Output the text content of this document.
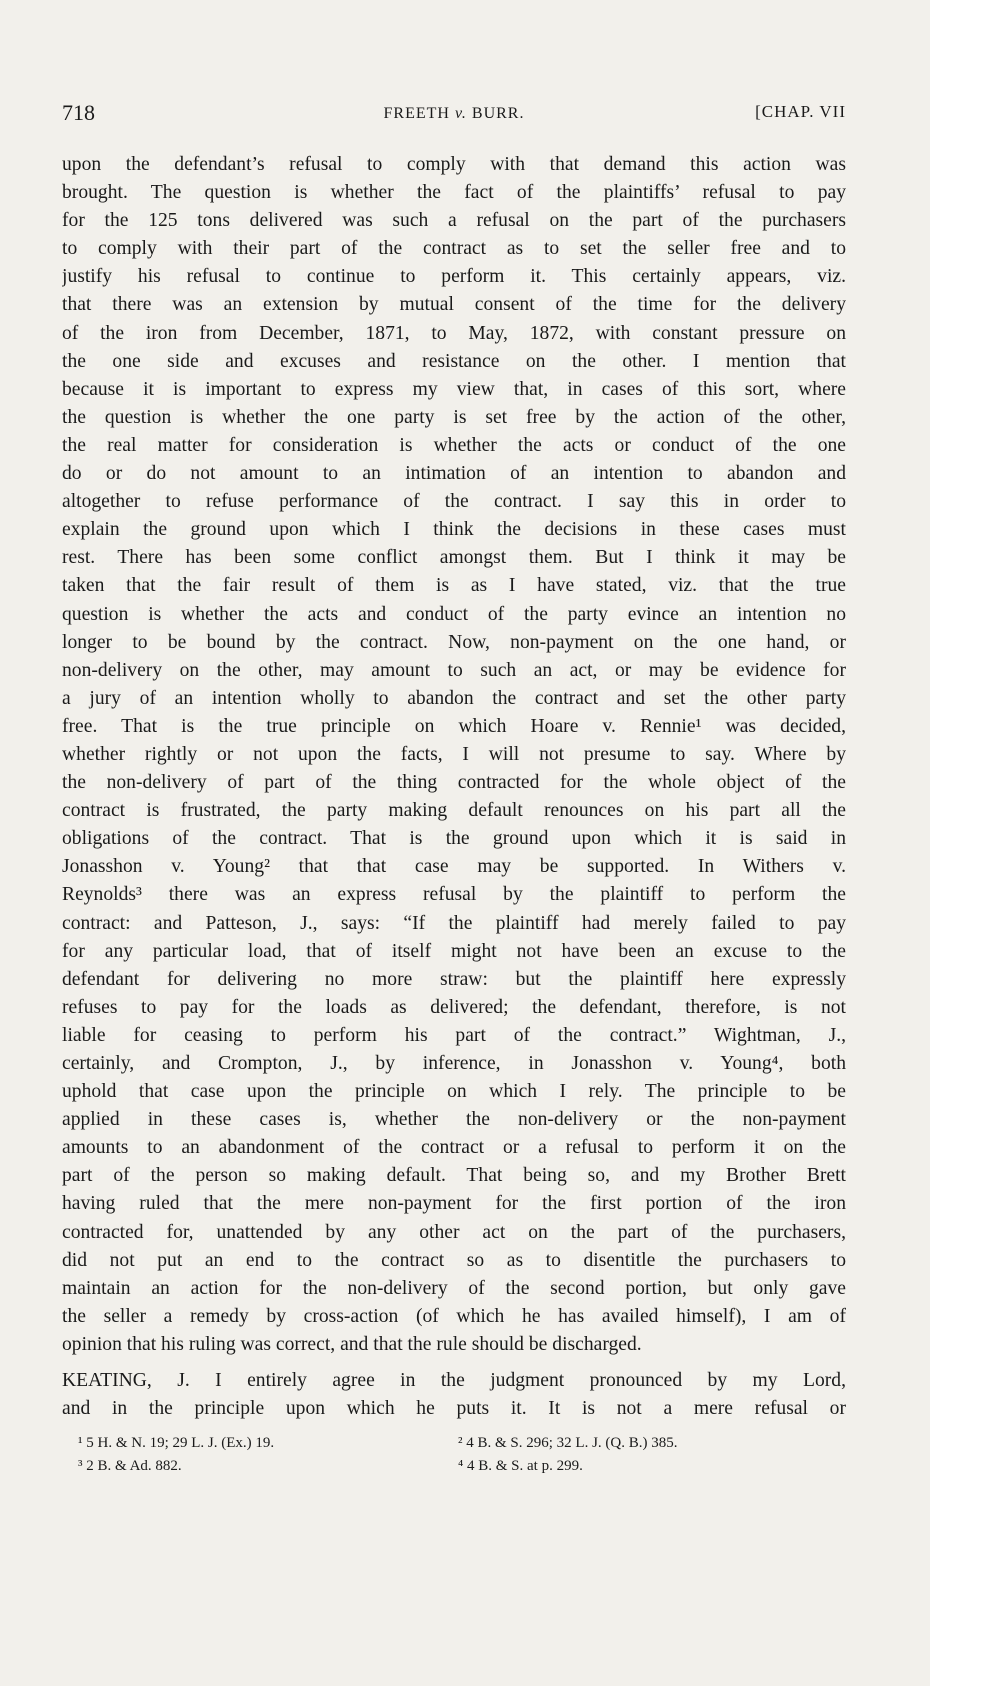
718	FREETH v. BURR.	[CHAP. VII
upon the defendant’s refusal to comply with that demand this action was
brought. The question is whether the fact of the plaintiffs’ refusal to pay
for the 125 tons delivered was such a refusal on the part of the purchasers
to comply with their part of the contract as to set the seller free and to
justify his refusal to continue to perform it. This certainly appears, viz.
that there was an extension by mutual consent of the time for the delivery
of the iron from December, 1871, to May, 1872, with constant pressure on
the one side and excuses and resistance on the other. I mention that
because it is important to express my view that, in cases of this sort, where
the question is whether the one party is set free by the action of the other,
the real matter for consideration is whether the acts or conduct of the one
do or do not amount to an intimation of an intention to abandon and
altogether to refuse performance of the contract. I say this in order to
explain the ground upon which I think the decisions in these cases must
rest. There has been some conflict amongst them. But I think it may be
taken that the fair result of them is as I have stated, viz. that the true
question is whether the acts and conduct of the party evince an intention no
longer to be bound by the contract. Now, non-payment on the one hand, or
non-delivery on the other, may amount to such an act, or may be evidence for
a jury of an intention wholly to abandon the contract and set the other party
free. That is the true principle on which Hoare v. Rennie¹ was decided,
whether rightly or not upon the facts, I will not presume to say. Where by
the non-delivery of part of the thing contracted for the whole object of the
contract is frustrated, the party making default renounces on his part all the
obligations of the contract. That is the ground upon which it is said in
Jonasshon v. Young² that that case may be supported. In Withers v.
Reynolds³ there was an express refusal by the plaintiff to perform the
contract: and Patteson, J., says: “If the plaintiff had merely failed to pay
for any particular load, that of itself might not have been an excuse to the
defendant for delivering no more straw: but the plaintiff here expressly
refuses to pay for the loads as delivered; the defendant, therefore, is not
liable for ceasing to perform his part of the contract.” Wightman, J.,
certainly, and Crompton, J., by inference, in Jonasshon v. Young⁴, both
uphold that case upon the principle on which I rely. The principle to be
applied in these cases is, whether the non-delivery or the non-payment
amounts to an abandonment of the contract or a refusal to perform it on the
part of the person so making default. That being so, and my Brother Brett
having ruled that the mere non-payment for the first portion of the iron
contracted for, unattended by any other act on the part of the purchasers,
did not put an end to the contract so as to disentitle the purchasers to
maintain an action for the non-delivery of the second portion, but only gave
the seller a remedy by cross-action (of which he has availed himself), I am of
opinion that his ruling was correct, and that the rule should be discharged.
KEATING, J. I entirely agree in the judgment pronounced by my Lord,
and in the principle upon which he puts it. It is not a mere refusal or
¹ 5 H. & N. 19; 29 L. J. (Ex.) 19.	² 4 B. & S. 296; 32 L. J. (Q. B.) 385.
³ 2 B. & Ad. 882.	⁴ 4 B. & S. at p. 299.
